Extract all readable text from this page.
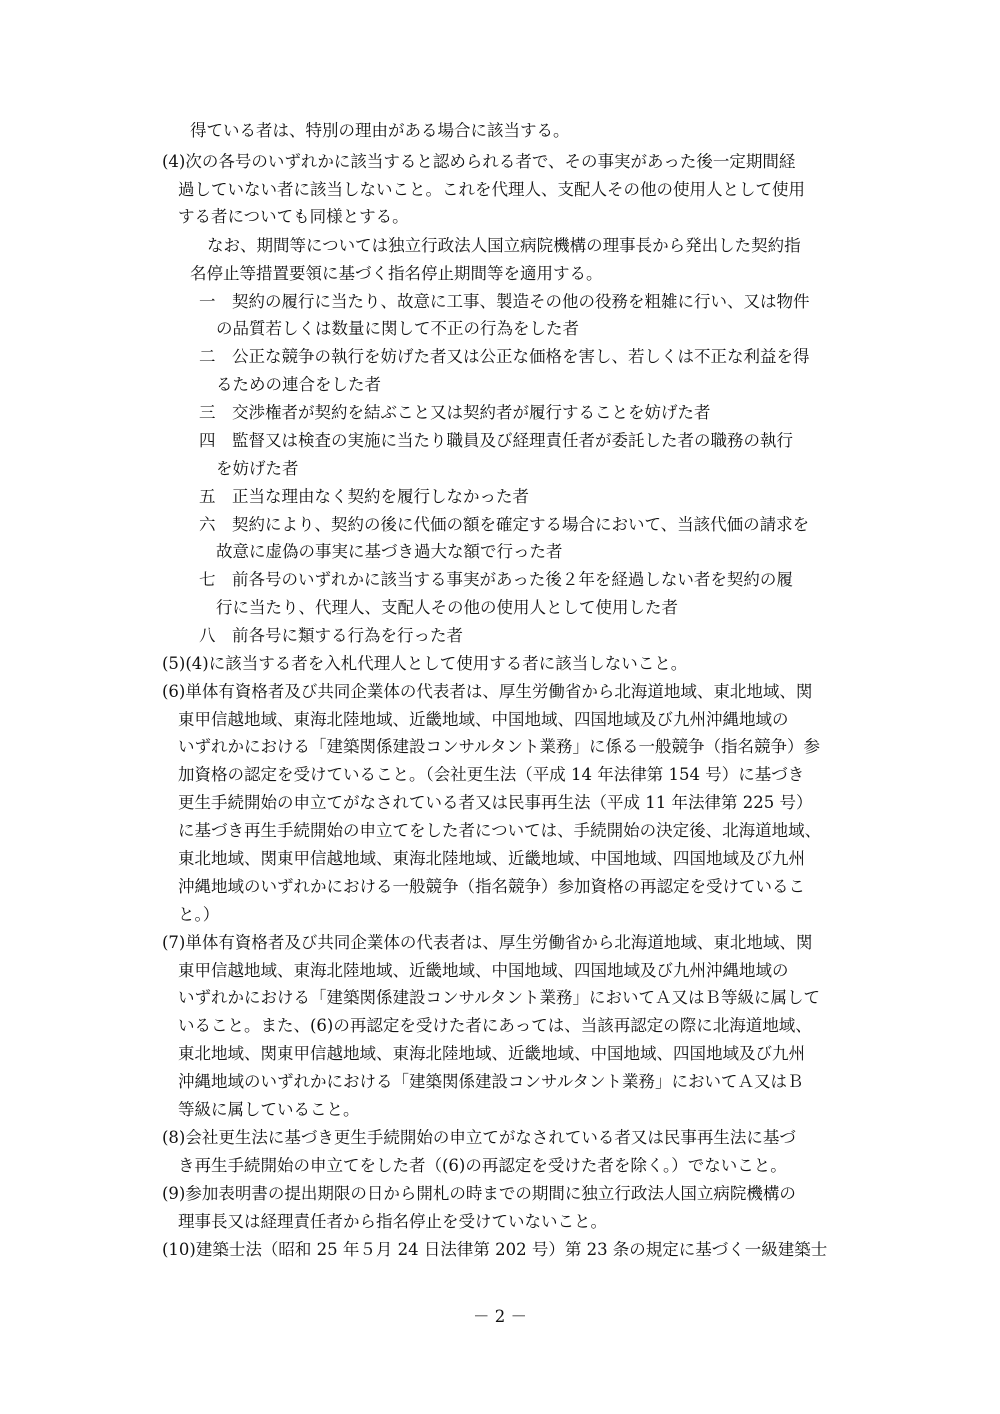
得ている者は、特別の理由がある場合に該当する。
(4)次の各号のいずれかに該当すると認められる者で、その事実があった後一定期間経
過していない者に該当しないこと。これを代理人、支配人その他の使用人として使用
する者についても同様とする。
なお、期間等については独立行政法人国立病院機構の理事長から発出した契約指
名停止等措置要領に基づく指名停止期間等を適用する。
一　契約の履行に当たり、故意に工事、製造その他の役務を粗雑に行い、又は物件
の品質若しくは数量に関して不正の行為をした者
二　公正な競争の執行を妨げた者又は公正な価格を害し、若しくは不正な利益を得
るための連合をした者
三　交渉権者が契約を結ぶこと又は契約者が履行することを妨げた者
四　監督又は検査の実施に当たり職員及び経理責任者が委託した者の職務の執行
を妨げた者
五　正当な理由なく契約を履行しなかった者
六　契約により、契約の後に代価の額を確定する場合において、当該代価の請求を
故意に虚偽の事実に基づき過大な額で行った者
七　前各号のいずれかに該当する事実があった後２年を経過しない者を契約の履
行に当たり、代理人、支配人その他の使用人として使用した者
八　前各号に類する行為を行った者
(5)(4)に該当する者を入札代理人として使用する者に該当しないこと。
(6)単体有資格者及び共同企業体の代表者は、厚生労働省から北海道地域、東北地域、関
東甲信越地域、東海北陸地域、近畿地域、中国地域、四国地域及び九州沖縄地域の
いずれかにおける「建築関係建設コンサルタント業務」に係る一般競争（指名競争）参
加資格の認定を受けていること。（会社更生法（平成 14 年法律第 154 号）に基づき
更生手続開始の申立てがなされている者又は民事再生法（平成 11 年法律第 225 号）
に基づき再生手続開始の申立てをした者については、手続開始の決定後、北海道地域、
東北地域、関東甲信越地域、東海北陸地域、近畿地域、中国地域、四国地域及び九州
沖縄地域のいずれかにおける一般競争（指名競争）参加資格の再認定を受けているこ
と。）
(7)単体有資格者及び共同企業体の代表者は、厚生労働省から北海道地域、東北地域、関
東甲信越地域、東海北陸地域、近畿地域、中国地域、四国地域及び九州沖縄地域の
いずれかにおける「建築関係建設コンサルタント業務」においてＡ又はＢ等級に属して
いること。また、(6)の再認定を受けた者にあっては、当該再認定の際に北海道地域、
東北地域、関東甲信越地域、東海北陸地域、近畿地域、中国地域、四国地域及び九州
沖縄地域のいずれかにおける「建築関係建設コンサルタント業務」においてＡ又はＢ
等級に属していること。
(8)会社更生法に基づき更生手続開始の申立てがなされている者又は民事再生法に基づ
き再生手続開始の申立てをした者（(6)の再認定を受けた者を除く。）でないこと。
(9)参加表明書の提出期限の日から開札の時までの期間に独立行政法人国立病院機構の
理事長又は経理責任者から指名停止を受けていないこと。
(10)建築士法（昭和 25 年５月 24 日法律第 202 号）第 23 条の規定に基づく一級建築士
－ 2 －
